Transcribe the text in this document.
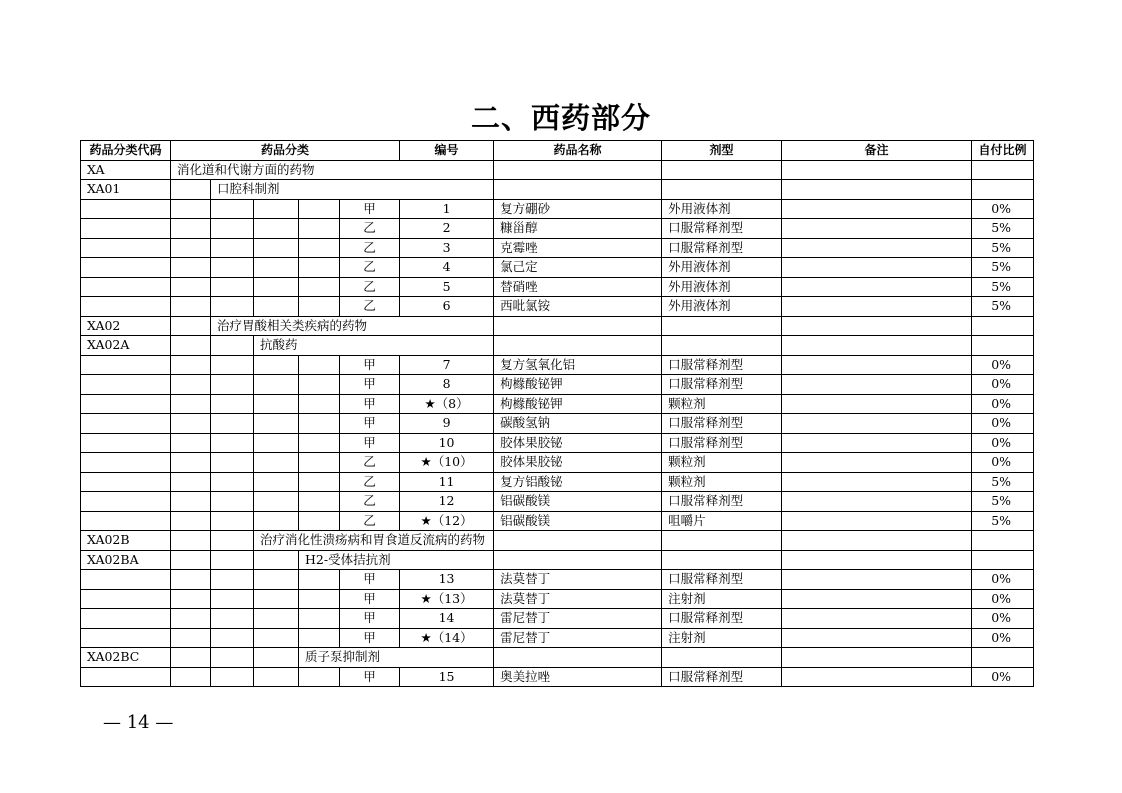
二、西药部分
药品分类代码	药品分类					编号	药品名称	剂型	备注	自付比例
XA	消化道和代谢方面的药物									
XA01		口腔科制剂								
					甲	1	复方硼砂	外用液体剂		0%
					乙	2	糠甾醇	口服常释剂型		5%
					乙	3	克霉唑	口服常释剂型		5%
					乙	4	氯己定	外用液体剂		5%
					乙	5	替硝唑	外用液体剂		5%
					乙	6	西吡氯铵	外用液体剂		5%
XA02		治疗胃酸相关类疾病的药物								
XA02A			抗酸药							
					甲	7	复方氢氧化铝	口服常释剂型		0%
					甲	8	枸橼酸铋钾	口服常释剂型		0%
					甲	★（8）	枸橼酸铋钾	颗粒剂		0%
					甲	9	碳酸氢钠	口服常释剂型		0%
					甲	10	胶体果胶铋	口服常释剂型		0%
					乙	★（10）	胶体果胶铋	颗粒剂		0%
					乙	11	复方铝酸铋	颗粒剂		5%
					乙	12	铝碳酸镁	口服常释剂型		5%
					乙	★（12）	铝碳酸镁	咀嚼片		5%
XA02B			治疗消化性溃疡病和胃食道反流病的药物							
XA02BA				H2-受体拮抗剂						
					甲	13	法莫替丁	口服常释剂型		0%
					甲	★（13）	法莫替丁	注射剂		0%
					甲	14	雷尼替丁	口服常释剂型		0%
					甲	★（14）	雷尼替丁	注射剂		0%
XA02BC				质子泵抑制剂						
					甲	15	奥美拉唑	口服常释剂型		0%
— 14 —
